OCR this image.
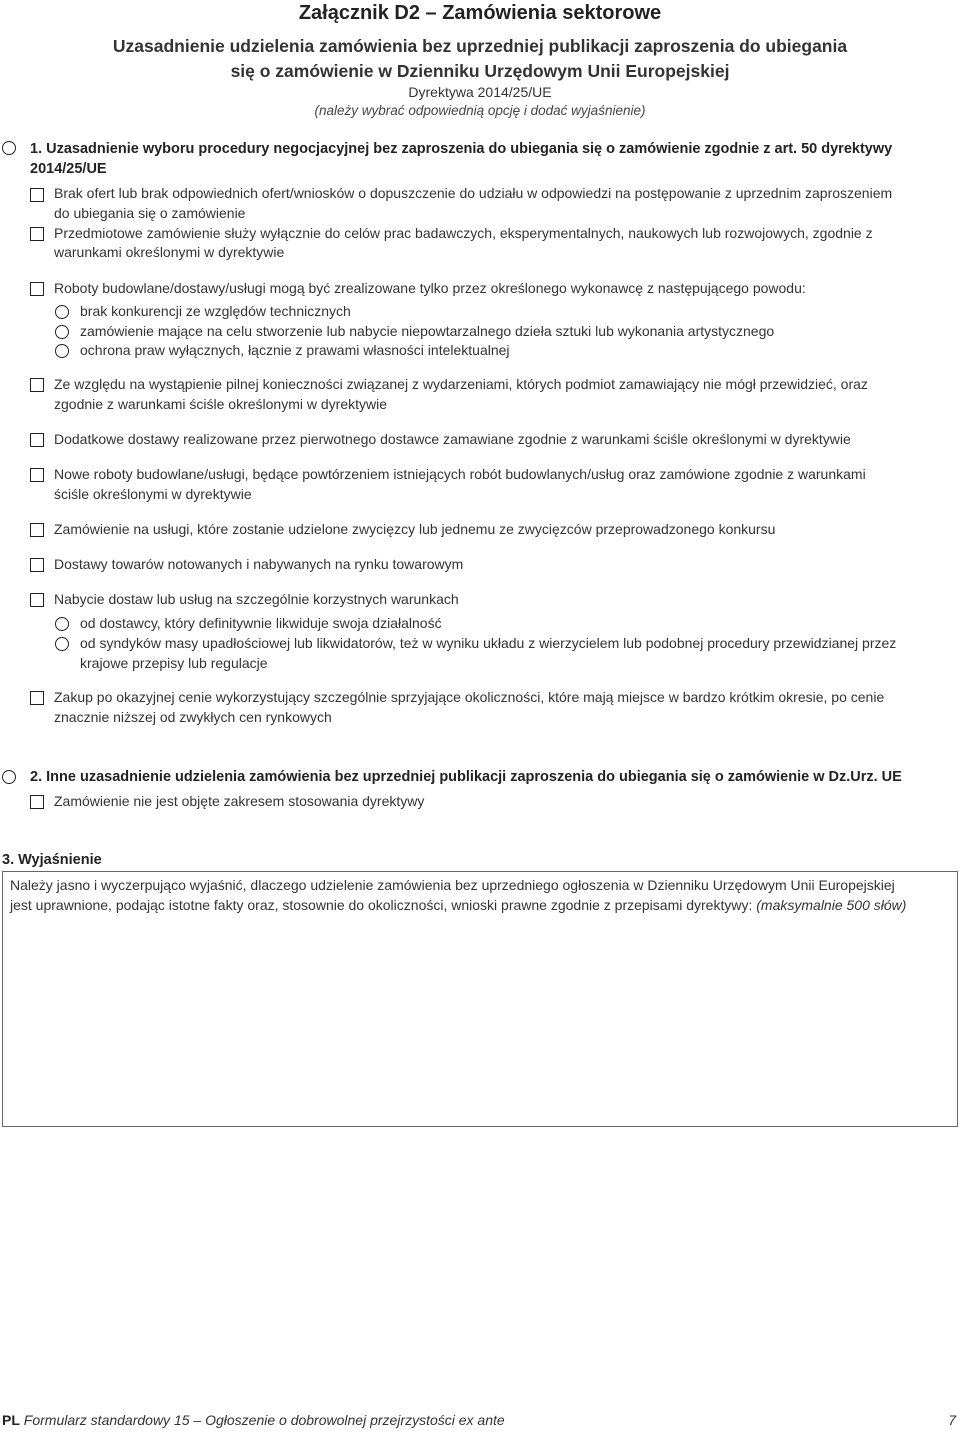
Załącznik D2 – Zamówienia sektorowe
Uzasadnienie udzielenia zamówienia bez uprzedniej publikacji zaproszenia do ubiegania
się o zamówienie w Dzienniku Urzędowym Unii Europejskiej
Dyrektywa 2014/25/UE
(należy wybrać odpowiednią opcję i dodać wyjaśnienie)
1. Uzasadnienie wyboru procedury negocjacyjnej bez zaproszenia do ubiegania się o zamówienie zgodnie z art. 50 dyrektywy
2014/25/UE
Brak ofert lub brak odpowiednich ofert/wniosków o dopuszczenie do udziału w odpowiedzi na postępowanie z uprzednim zaproszeniem
do ubiegania się o zamówienie
Przedmiotowe zamówienie służy wyłącznie do celów prac badawczych, eksperymentalnych, naukowych lub rozwojowych, zgodnie z
warunkami określonymi w dyrektywie
Roboty budowlane/dostawy/usługi mogą być zrealizowane tylko przez określonego wykonawcę z następującego powodu:
brak konkurencji ze względów technicznych
zamówienie mające na celu stworzenie lub nabycie niepowtarzalnego dzieła sztuki lub wykonania artystycznego
ochrona praw wyłącznych, łącznie z prawami własności intelektualnej
Ze względu na wystąpienie pilnej konieczności związanej z wydarzeniami, których podmiot zamawiający nie mógł przewidzieć, oraz
zgodnie z warunkami ściśle określonymi w dyrektywie
Dodatkowe dostawy realizowane przez pierwotnego dostawce zamawiane zgodnie z warunkami ściśle określonymi w dyrektywie
Nowe roboty budowlane/usługi, będące powtórzeniem istniejących robót budowlanych/usług oraz zamówione zgodnie z warunkami
ściśle określonymi w dyrektywie
Zamówienie na usługi, które zostanie udzielone zwycięzcy lub jednemu ze zwycięzców przeprowadzonego konkursu
Dostawy towarów notowanych i nabywanych na rynku towarowym
Nabycie dostaw lub usług na szczególnie korzystnych warunkach
od dostawcy, który definitywnie likwiduje swoja działalność
od syndyków masy upadłościowej lub likwidatorów, też w wyniku układu z wierzycielem lub podobnej procedury przewidzianej przez
krajowe przepisy lub regulacje
Zakup po okazyjnej cenie wykorzystujący szczególnie sprzyjające okoliczności, które mają miejsce w bardzo krótkim okresie, po cenie
znacznie niższej od zwykłych cen rynkowych
2. Inne uzasadnienie udzielenia zamówienia bez uprzedniej publikacji zaproszenia do ubiegania się o zamówienie w Dz.Urz. UE
Zamówienie nie jest objęte zakresem stosowania dyrektywy
3. Wyjaśnienie
Należy jasno i wyczerpująco wyjaśnić, dlaczego udzielenie zamówienia bez uprzedniego ogłoszenia w Dzienniku Urzędowym Unii Europejskiej
jest uprawnione, podając istotne fakty oraz, stosownie do okoliczności, wnioski prawne zgodnie z przepisami dyrektywy: (maksymalnie 500 słów)
PL Formularz standardowy 15 – Ogłoszenie o dobrowolnej przejrzystości ex ante	7
